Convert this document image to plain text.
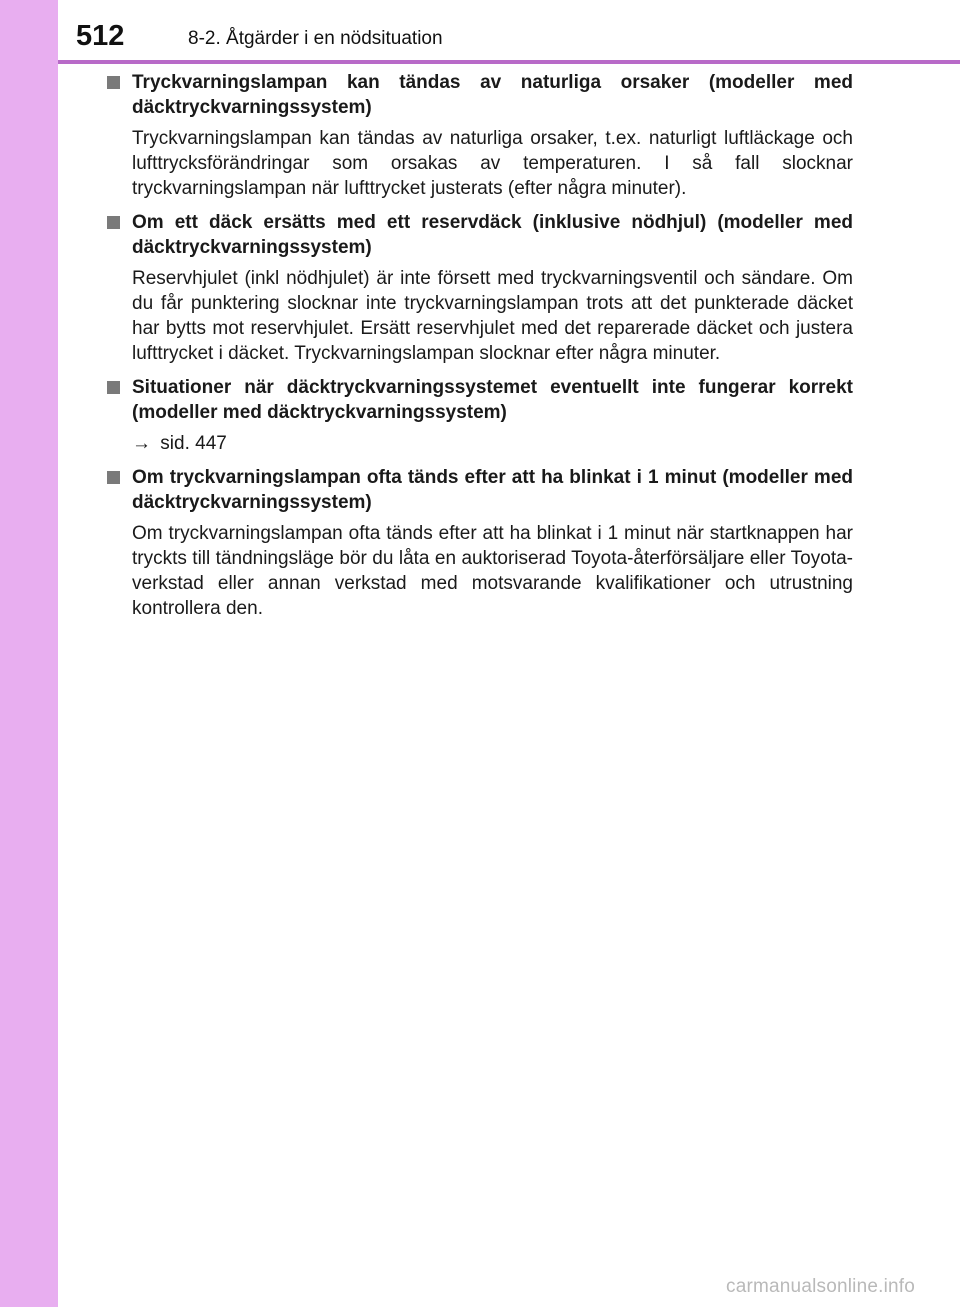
512	8-2. Åtgärder i en nödsituation
Tryckvarningslampan kan tändas av naturliga orsaker (modeller med däcktryckvarningssystem)
Tryckvarningslampan kan tändas av naturliga orsaker, t.ex. naturligt luftläckage och lufttrycksförändringar som orsakas av temperaturen. I så fall slocknar tryckvarningslampan när lufttrycket justerats (efter några minuter).
Om ett däck ersätts med ett reservdäck (inklusive nödhjul) (modeller med däcktryckvarningssystem)
Reservhjulet (inkl nödhjulet) är inte försett med tryckvarningsventil och sändare. Om du får punktering slocknar inte tryckvarningslampan trots att det punkterade däcket har bytts mot reservhjulet. Ersätt reservhjulet med det reparerade däcket och justera lufttrycket i däcket. Tryckvarningslampan slocknar efter några minuter.
Situationer när däcktryckvarningssystemet eventuellt inte fungerar korrekt (modeller med däcktryckvarningssystem)
→ sid. 447
Om tryckvarningslampan ofta tänds efter att ha blinkat i 1 minut (modeller med däcktryckvarningssystem)
Om tryckvarningslampan ofta tänds efter att ha blinkat i 1 minut när startknappen har tryckts till tändningsläge bör du låta en auktoriserad Toyota-återförsäljare eller Toyota-verkstad eller annan verkstad med motsvarande kvalifikationer och utrustning kontrollera den.
carmanualsonline.info
